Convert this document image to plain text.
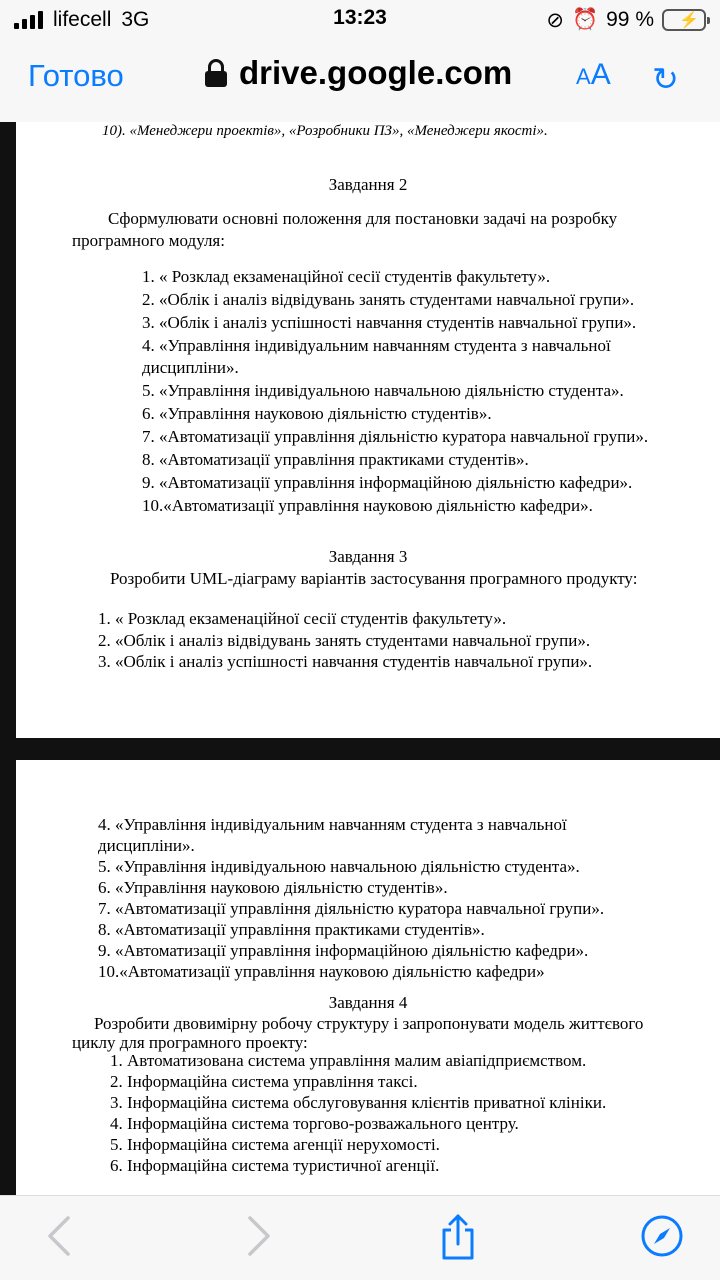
lifecell 3G	13:23	⊘ ⏰ 99 % ⚡
Готово	drive.google.com	AA ↻
10). «Менеджери проектів», «Розробники ПЗ», «Менеджери якості».
Завдання 2
Сформулювати основні положення для постановки задачі на розробку
програмного модуля:
1. « Розклад екзаменаційної сесії студентів факультету».
2. «Облік і аналіз відвідувань занять студентами навчальної групи».
3. «Облік і аналіз успішності навчання студентів навчальної групи».
4. «Управління індивідуальним навчанням студента з навчальної
дисципліни».
5. «Управління індивідуальною навчальною діяльністю студента».
6. «Управління науковою діяльністю студентів».
7. «Автоматизації управління діяльністю куратора навчальної групи».
8. «Автоматизації управління практиками студентів».
9. «Автоматизації управління інформаційною діяльністю кафедри».
10.«Автоматизації управління науковою діяльністю кафедри».
Завдання 3
Розробити UML-діаграму варіантів застосування програмного продукту:
1. « Розклад екзаменаційної сесії студентів факультету».
2. «Облік і аналіз відвідувань занять студентами навчальної групи».
3. «Облік і аналіз успішності навчання студентів навчальної групи».
4. «Управління індивідуальним навчанням студента з навчальної
дисципліни».
5. «Управління індивідуальною навчальною діяльністю студента».
6. «Управління науковою діяльністю студентів».
7. «Автоматизації управління діяльністю куратора навчальної групи».
8. «Автоматизації управління практиками студентів».
9. «Автоматизації управління інформаційною діяльністю кафедри».
10.«Автоматизації управління науковою діяльністю кафедри»
Завдання 4
Розробити двовимірну робочу структуру і запропонувати модель життєвого
циклу для програмного проекту:
1. Автоматизована система управління малим авіапідприємством.
2. Інформаційна система управління таксі.
3. Інформаційна система обслуговування клієнтів приватної клініки.
4. Інформаційна система торгово-розважального центру.
5. Інформаційна система агенції нерухомості.
6. Інформаційна система туристичної агенції.
